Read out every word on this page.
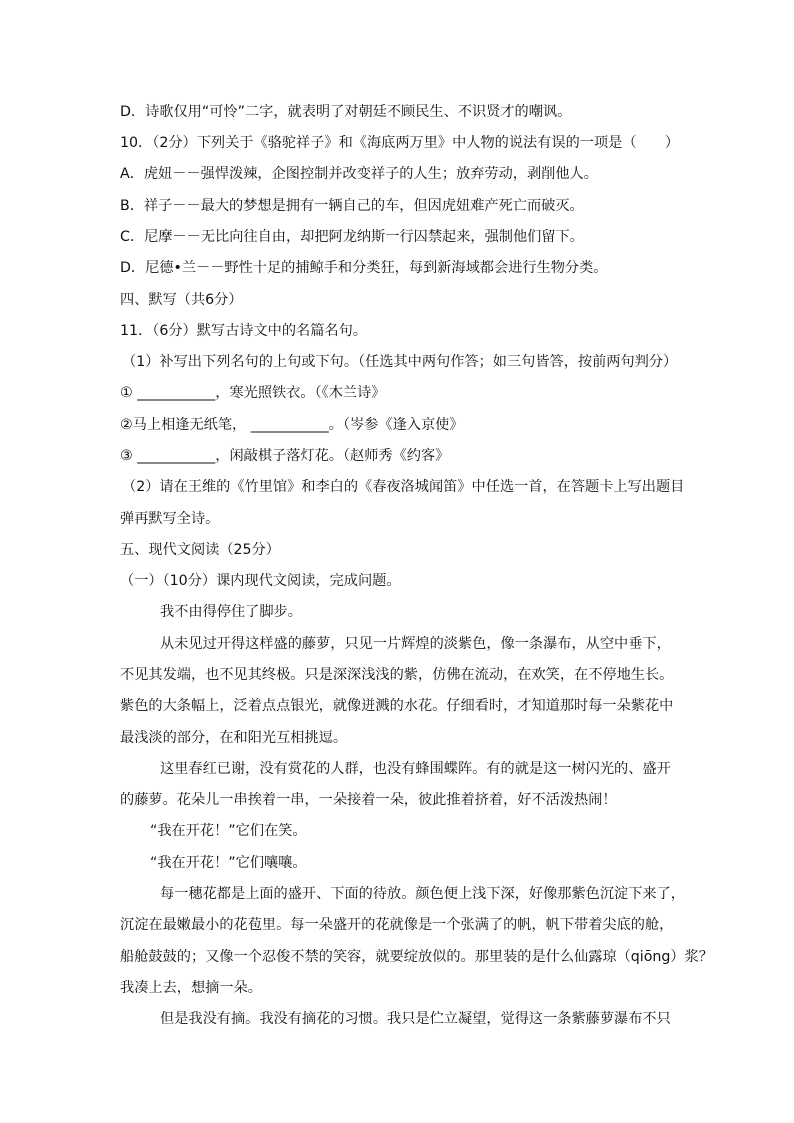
D．诗歌仅用“可怜”二字，就表明了对朝廷不顾民生、不识贤才的嘲讽。
10．（2分）下列关于《骆驼祥子》和《海底两万里》中人物的说法有误的一项是（　　）
A．虎妞－－强悍泼辣，企图控制并改变祥子的人生；放弃劳动，剥削他人。
B．祥子－－最大的梦想是拥有一辆自己的车，但因虎妞难产死亡而破灭。
C．尼摩－－无比向往自由，却把阿龙纳斯一行囚禁起来，强制他们留下。
D．尼德•兰－－野性十足的捕鲸手和分类狂，每到新海域都会进行生物分类。
四、默写（共6分）
11．（6分）默写古诗文中的名篇名句。
（1）补写出下列名句的上句或下句。（任选其中两句作答；如三句皆答，按前两句判分）
① ___________，寒光照铁衣。（《木兰诗》
②马上相逢无纸笔， ___________。（岑参《逢入京使》
③ ___________，闲敲棋子落灯花。（赵师秀《约客》
（2）请在王维的《竹里馆》和李白的《春夜洛城闻笛》中任选一首，在答题卡上写出题目
弹再默写全诗。
五、现代文阅读（25分）
（一）（10分）课内现代文阅读，完成问题。
我不由得停住了脚步。
从未见过开得这样盛的藤萝，只见一片辉煌的淡紫色，像一条瀑布，从空中垂下，
不见其发端，也不见其终极。只是深深浅浅的紫，仿佛在流动，在欢笑，在不停地生长。
紫色的大条幅上，泛着点点银光，就像迸溅的水花。仔细看时，才知道那时每一朵紫花中
最浅淡的部分，在和阳光互相挑逗。
这里春红已谢，没有赏花的人群，也没有蜂围蝶阵。有的就是这一树闪光的、盛开
的藤萝。花朵儿一串挨着一串，一朵接着一朵，彼此推着挤着，好不活泼热闹！
“我在开花！”它们在笑。
“我在开花！”它们嚷嚷。
每一穗花都是上面的盛开、下面的待放。颜色便上浅下深，好像那紫色沉淀下来了，
沉淀在最嫩最小的花苞里。每一朵盛开的花就像是一个张满了的帆，帆下带着尖底的舱，
船舱鼓鼓的；又像一个忍俊不禁的笑容，就要绽放似的。那里装的是什么仙露琼（qiōng）浆？
我凑上去，想摘一朵。
但是我没有摘。我没有摘花的习惯。我只是伫立凝望，觉得这一条紫藤萝瀑布不只
